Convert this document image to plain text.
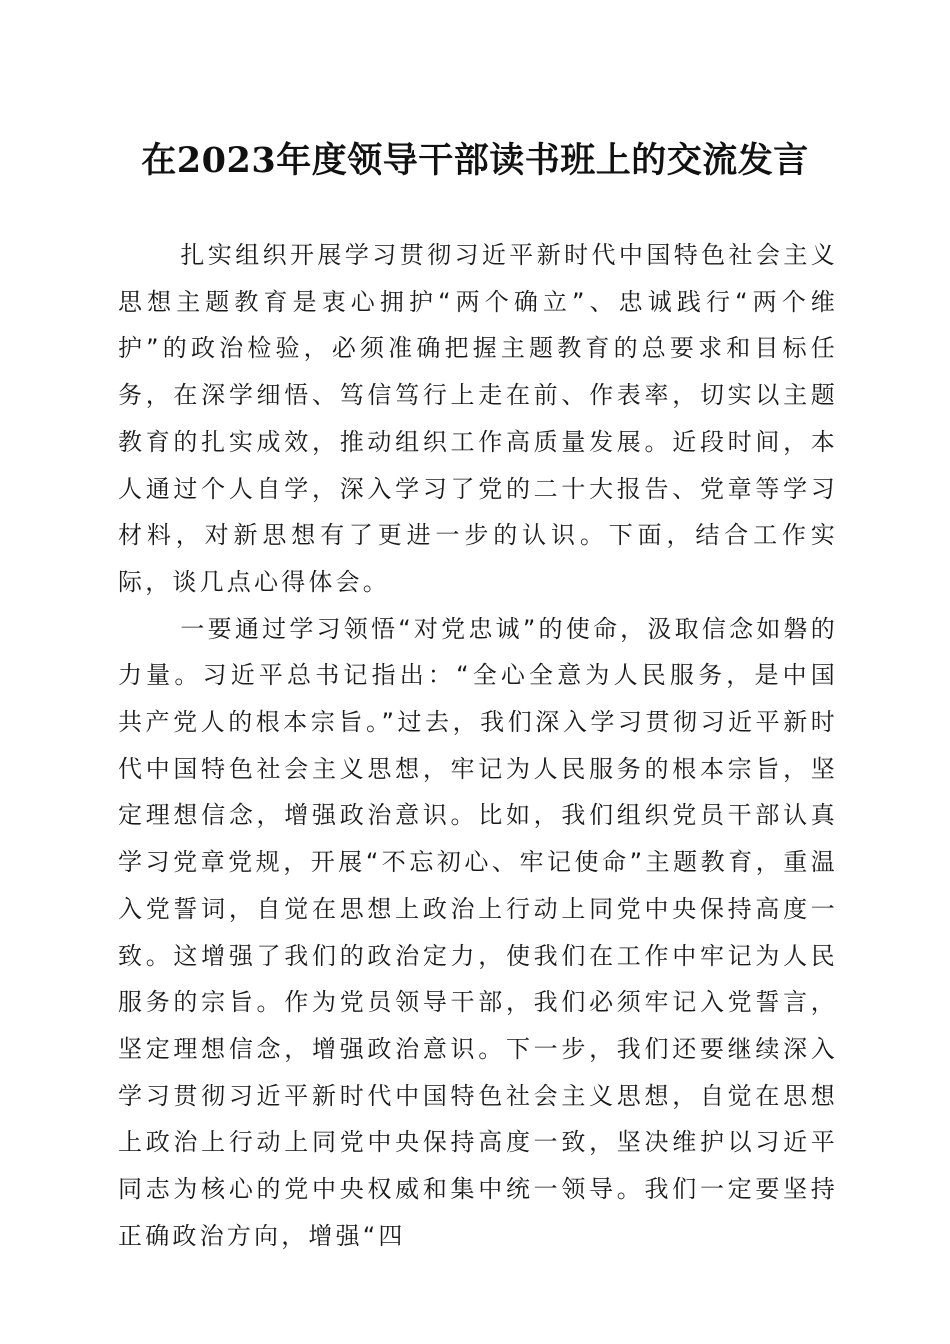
在2023年度领导干部读书班上的交流发言

扎实组织开展学习贯彻习近平新时代中国特色社会主义思想主题教育是衷心拥护“两个确立”、忠诚践行“两个维护”的政治检验，必须准确把握主题教育的总要求和目标任务，在深学细悟、笃信笃行上走在前、作表率，切实以主题教育的扎实成效，推动组织工作高质量发展。近段时间，本人通过个人自学，深入学习了党的二十大报告、党章等学习材料，对新思想有了更进一步的认识。下面，结合工作实际，谈几点心得体会。

一要通过学习领悟“对党忠诚”的使命，汲取信念如磐的力量。习近平总书记指出：“全心全意为人民服务，是中国共产党人的根本宗旨。”过去，我们深入学习贯彻习近平新时代中国特色社会主义思想，牢记为人民服务的根本宗旨，坚定理想信念，增强政治意识。比如，我们组织党员干部认真学习党章党规，开展“不忘初心、牢记使命”主题教育，重温入党誓词，自觉在思想上政治上行动上同党中央保持高度一致。这增强了我们的政治定力，使我们在工作中牢记为人民服务的宗旨。作为党员领导干部，我们必须牢记入党誓言，坚定理想信念，增强政治意识。下一步，我们还要继续深入学习贯彻习近平新时代中国特色社会主义思想，自觉在思想上政治上行动上同党中央保持高度一致，坚决维护以习近平同志为核心的党中央权威和集中统一领导。我们一定要坚持正确政治方向，增强“四
